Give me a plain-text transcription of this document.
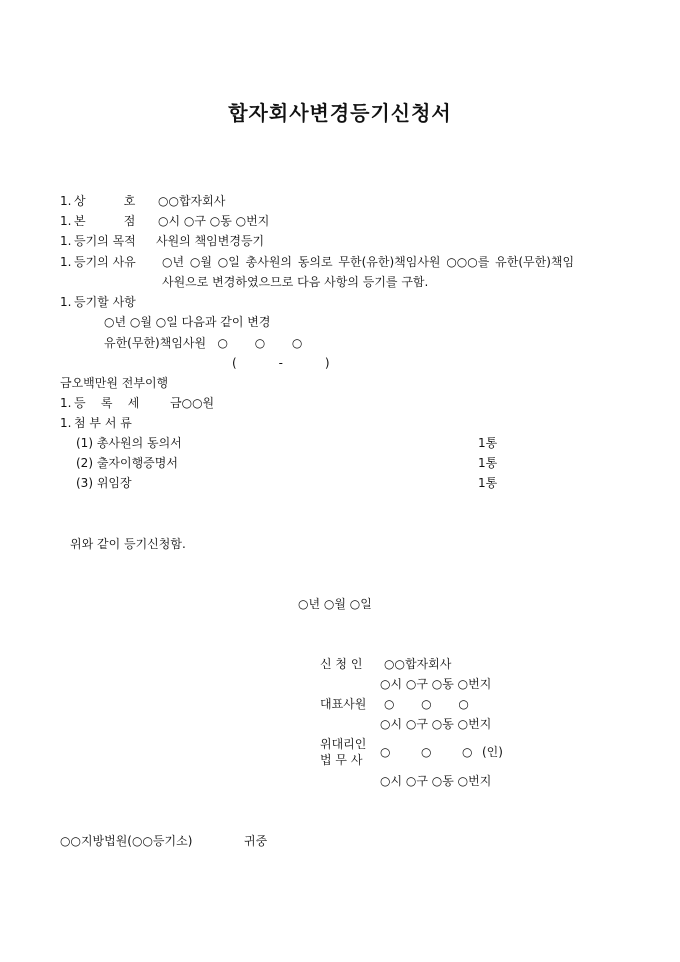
합자회사변경등기신청서
1. 상          호 ○○합자회사
1. 본          점 ○시 ○구 ○동 ○번지
1. 등기의 목적 사원의 책임변경등기
1. 등기의 사유 ○년 ○월 ○일 총사원의 동의로 무한(유한)책임사원 ○○○를 유한(무한)책임
사원으로 변경하였으므로 다음 사항의 등기를 구함.
1. 등기할 사항
○년 ○월 ○일 다음과 같이 변경
유한(무한)책임사원   ○       ○       ○
(           -           )
금오백만원 전부이행
1. 등    록    세	금○○원
1. 첨 부 서 류
(1) 총사원의 동의서	1통
(2) 출자이행증명서	1통
(3) 위임장	1통
위와 같이 등기신청함.
○년 ○월 ○일
신 청 인 ○○합자회사
○시 ○구 ○동 ○번지
대표사원 ○       ○       ○
○시 ○구 ○동 ○번지
위대리인
법 무 사
○        ○        ○ (인)
○시 ○구 ○동 ○번지
○○지방법원(○○등기소)	귀중
